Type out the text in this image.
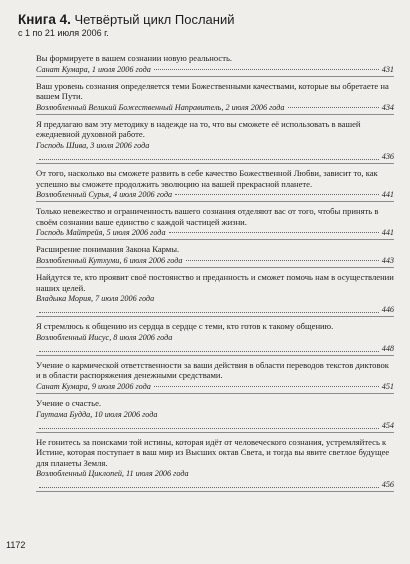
Книга 4. Четвёртый цикл Посланий
с 1 по 21 июля 2006 г.
Вы формируете в вашем сознании новую реальность.
Санат Кумара, 1 июля 2006 года	431
Ваш уровень сознания определяется теми Божественными качествами, которые вы обретаете на вашем Пути.
Возлюбленный Великий Божественный Направитель, 2 июля 2006 года	434
Я предлагаю вам эту методику в надежде на то, что вы сможете её использовать в вашей ежедневной духовной работе.
Господь Шива, 3 июля 2006 года
436
От того, насколько вы сможете развить в себе качество Божественной Любви, зависит то, как успешно вы сможете продолжить эволюцию на вашей прекрасной планете.
Возлюбленный Сурья, 4 июля 2006 года	441
Только невежество и ограниченность вашего сознания отделяют вас от того, чтобы принять в своём сознании ваше единство с каждой частицей жизни.
Господь Майтрейя, 5 июля 2006 года	441
Расширение понимания Закона Кармы.
Возлюбленный Кутхуми, 6 июля 2006 года	443
Найдутся те, кто проявит своё постоянство и преданность и сможет помочь нам в осуществлении наших целей.
Владыка Мория, 7 июля 2006 года
446
Я стремлюсь к общению из сердца в сердце с теми, кто готов к такому общению.
Возлюбленный Иисус, 8 июля 2006 года
448
Учение о кармической ответственности за ваши действия в области переводов текстов диктовок и в области распоряжения денежными средствами.
Санат Кумара, 9 июля 2006 года	451
Учение о счастье.
Гаутама Будда, 10 июля 2006 года
454
Не гонитесь за поисками той истины, которая идёт от человеческого сознания, устремляйтесь к Истине, которая поступает в ваш мир из Высших октав Света, и тогда вы явите светлое будущее для планеты Земля.
Возлюбленный Циклопей, 11 июля 2006 года
456
1172
